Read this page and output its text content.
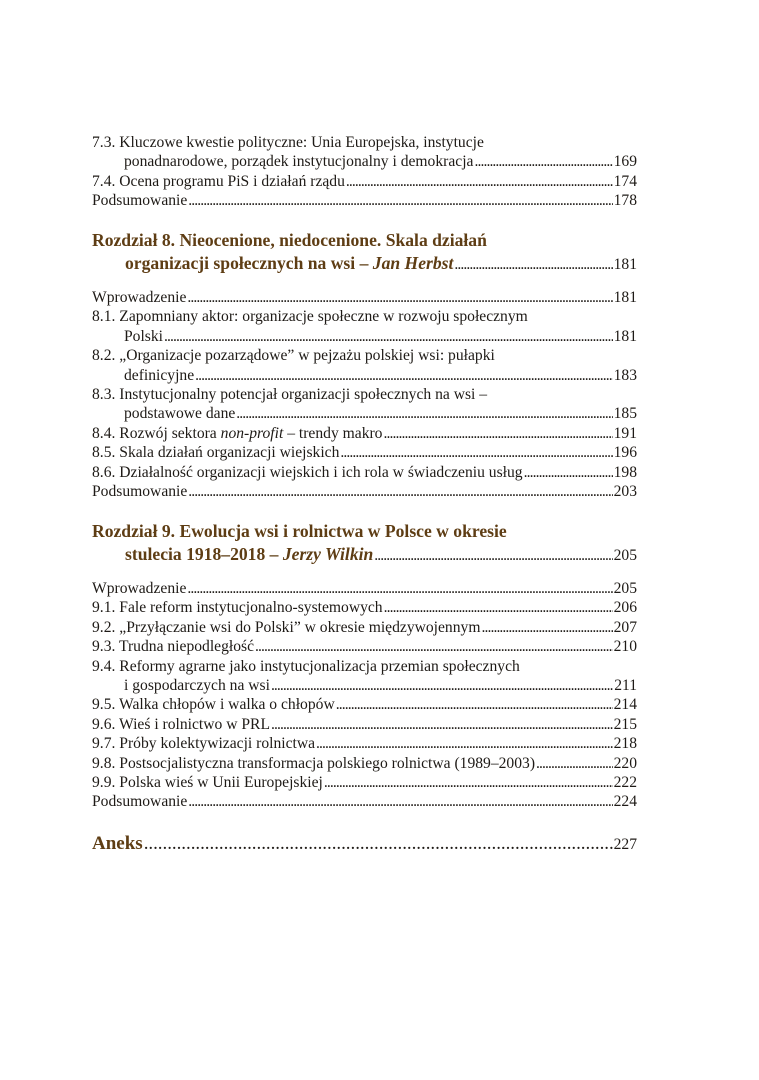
7.3. Kluczowe kwestie polityczne: Unia Europejska, instytucje
ponadnarodowe, porządek instytucjonalny i demokracja . . .	169
7.4. Ocena programu PiS i działań rządu . . .	174
Podsumowanie . . .	178
Rozdział 8. Nieocenione, niedocenione. Skala działań
organizacji społecznych na wsi – Jan Herbst . . .	181
Wprowadzenie . . .	181
8.1. Zapomniany aktor: organizacje społeczne w rozwoju społecznym
Polski . . .	181
8.2. „Organizacje pozarządowe” w pejzażu polskiej wsi: pułapki
definicyjne . . .	183
8.3. Instytucjonalny potencjał organizacji społecznych na wsi –
podstawowe dane . . .	185
8.4. Rozwój sektora non-profit – trendy makro . . .	191
8.5. Skala działań organizacji wiejskich . . .	196
8.6. Działalność organizacji wiejskich i ich rola w świadczeniu usług . . .	198
Podsumowanie . . .	203
Rozdział 9. Ewolucja wsi i rolnictwa w Polsce w okresie
stulecia 1918–2018 – Jerzy Wilkin . . .	205
Wprowadzenie . . .	205
9.1. Fale reform instytucjonalno-systemowych . . .	206
9.2. „Przyłączanie wsi do Polski” w okresie międzywojennym . . .	207
9.3. Trudna niepodległość . . .	210
9.4. Reformy agrarne jako instytucjonalizacja przemian społecznych
i gospodarczych na wsi . . .	211
9.5. Walka chłopów i walka o chłopów . . .	214
9.6. Wieś i rolnictwo w PRL . . .	215
9.7. Próby kolektywizacji rolnictwa . . .	218
9.8. Postsocjalistyczna transformacja polskiego rolnictwa (1989–2003) . . .	220
9.9. Polska wieś w Unii Europejskiej . . .	222
Podsumowanie . . .	224
Aneks . . .	227
